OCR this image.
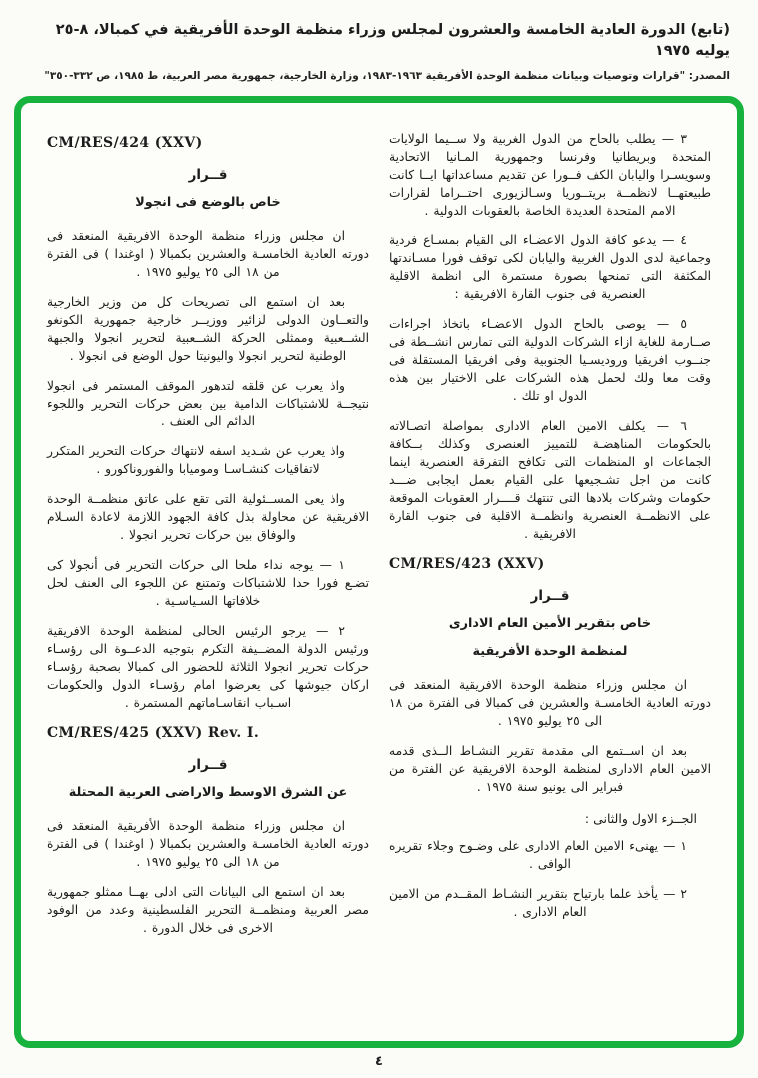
(تابع) الدورة العادية الخامسة والعشرون لمجلس وزراء منظمة الوحدة الأفريقية في كمبالا، ٨-٢٥ يوليه ١٩٧٥
المصدر: "قرارات وتوصيات وبيانات منظمة الوحدة الأفريقية ١٩٦٣-١٩٨٣، وزارة الخارجية، جمهورية مصر العربية، ط ١٩٨٥، ص ٣٣٢-٣٥٠"

٣ — يطلب بالحاح من الدول الغربية ولا ســيما الولايات المتحدة وبريطانيا وفرنسا وجمهورية المـانيا الاتحادية وسويسـرا واليابان الكف فــورا عن تقديم مساعداتها ايــا كانت طبيعتهــا لانظمــة بريتــوريا وسـالزيورى احتــراما لقرارات الامم المتحدة العديدة الخاصة بالعقوبات الدولية .

٤ — يدعو كافة الدول الاعضـاء الى القيام بمسـاع فردية وجماعية لدى الدول الغربية واليابان لكى توقف فورا مسـاندتها المكثفة التى تمنحها بصورة مستمرة الى انظمة الاقلية العنصرية فى جنوب القارة الافريقية :

٥ — يوصى بالحاح الدول الاعضـاء باتخاذ اجراءات صــارمة للغاية ازاء الشركات الدولية التى تمارس انشــطة فى جنــوب افريقيا وروديسـيا الجنوبية وفى افريقيا المستقلة فى وقت معا ولك لحمل هذه الشركات على الاختيار بين هذه الدول او تلك .

٦ — يكلف الامين العام الادارى بمواصلة اتصـالاته بالحكومات المناهضـة للتمييز العنصرى وكذلك بــكافة الجماعات او المنظمات التى تكافح التفرقة العنصرية اينما كانت من اجل تشـجيعها على القيام بعمل ايجابى ضـــد حكومات وشركات بلادها التى تنتهك قــــرار العقوبات الموقعة على الانظمــة العنصرية وانظمــة الاقلية فى جنوب القارة الافريقية .

CM/RES/423 (XXV)
قــرار
خاص بتقرير الأمين العام الادارى
لمنظمة الوحدة الأفريقية

ان مجلس وزراء منظمة الوحدة الافريقية المنعقد فى دورته العادية الخامسـة والعشرين فى كمبالا فى الفترة من ١٨ الى ٢٥ يوليو ١٩٧٥ .

بعد ان اســتمع الى مقدمة تقرير النشـاط الــذى قدمه الامين العام الادارى لمنظمة الوحدة الافريقية عن الفترة من فبراير الى يونيو سنة ١٩٧٥ .

الجــزء الاول والثانى :

١ — يهنىء الامين العام الادارى على وضـوح وجلاء تقريره الوافى .

٢ — يأخذ علما بارتياح بتقرير النشـاط المقــدم من الامين العام الادارى .

CM/RES/424 (XXV)
قــرار
خاص بالوضع فى انجولا

ان مجلس وزراء منظمة الوحدة الافريقية المنعقد فى دورته العادية الخامسـة والعشرين بكمبالا ( اوغندا ) فى الفترة من ١٨ الى ٢٥ يوليو ١٩٧٥ .

بعد ان استمع الى تصريحات كل من وزير الخارجية والتعــاون الدولى لزائير ووزيــر خارجية جمهورية الكونغو الشــعبية وممثلى الحركة الشــعبية لتحرير انجولا والجبهة الوطنية لتحرير انجولا واليونيتا حول الوضع فى انجولا .

واذ يعرب عن قلقه لتدهور الموقف المستمر فى انجولا نتيجــة للاشتباكات الدامية بين بعض حركات التحرير واللجوء الدائم الى العنف .

واذ يعرب عن شـديد اسفه لانتهاك حركات التحرير المتكرر لاتفاقيات كنشـاسـا وموميابا والفوروناكورو .

واذ يعى المســئولية التى تقع على عاتق منظمــة الوحدة الافريقية عن محاولة بذل كافة الجهود اللازمة لاعادة السـلام والوفاق بين حركات تحرير انجولا .

١ — يوجه نداء ملحا الى حركات التحرير فى أنجولا كى تضـع فورا حدا للاشتباكات وتمتنع عن اللجوء الى العنف لحل خلافاتها السـياسـية .

٢ — يرجو الرئيس الحالى لمنظمة الوحدة الافريقية ورئيس الدولة المضــيفة التكرم بتوجيه الدعــوة الى رؤسـاء حركات تحرير انجولا الثلاثة للحضور الى كمبالا بصحبة رؤسـاء اركان جيوشها كى يعرضوا امام رؤسـاء الدول والحكومات اسـباب انقاسـاماتهم المستمرة .

CM/RES/425 (XXV) Rev. I.
قــرار
عن الشرق الاوسط والاراضى العربية المحتلة

ان مجلس وزراء منظمة الوحدة الأفريقية المنعقد فى دورته العادية الخامسـة والعشرين بكمبالا ( اوغندا ) فى الفترة من ١٨ الى ٢٥ يوليو ١٩٧٥ .

بعد ان استمع الى البيانات التى ادلى بهــا ممثلو جمهورية مصر العربية ومنظمــة التحرير الفلسطينية وعدد من الوفود الاخرى فى خلال الدورة .

٤
